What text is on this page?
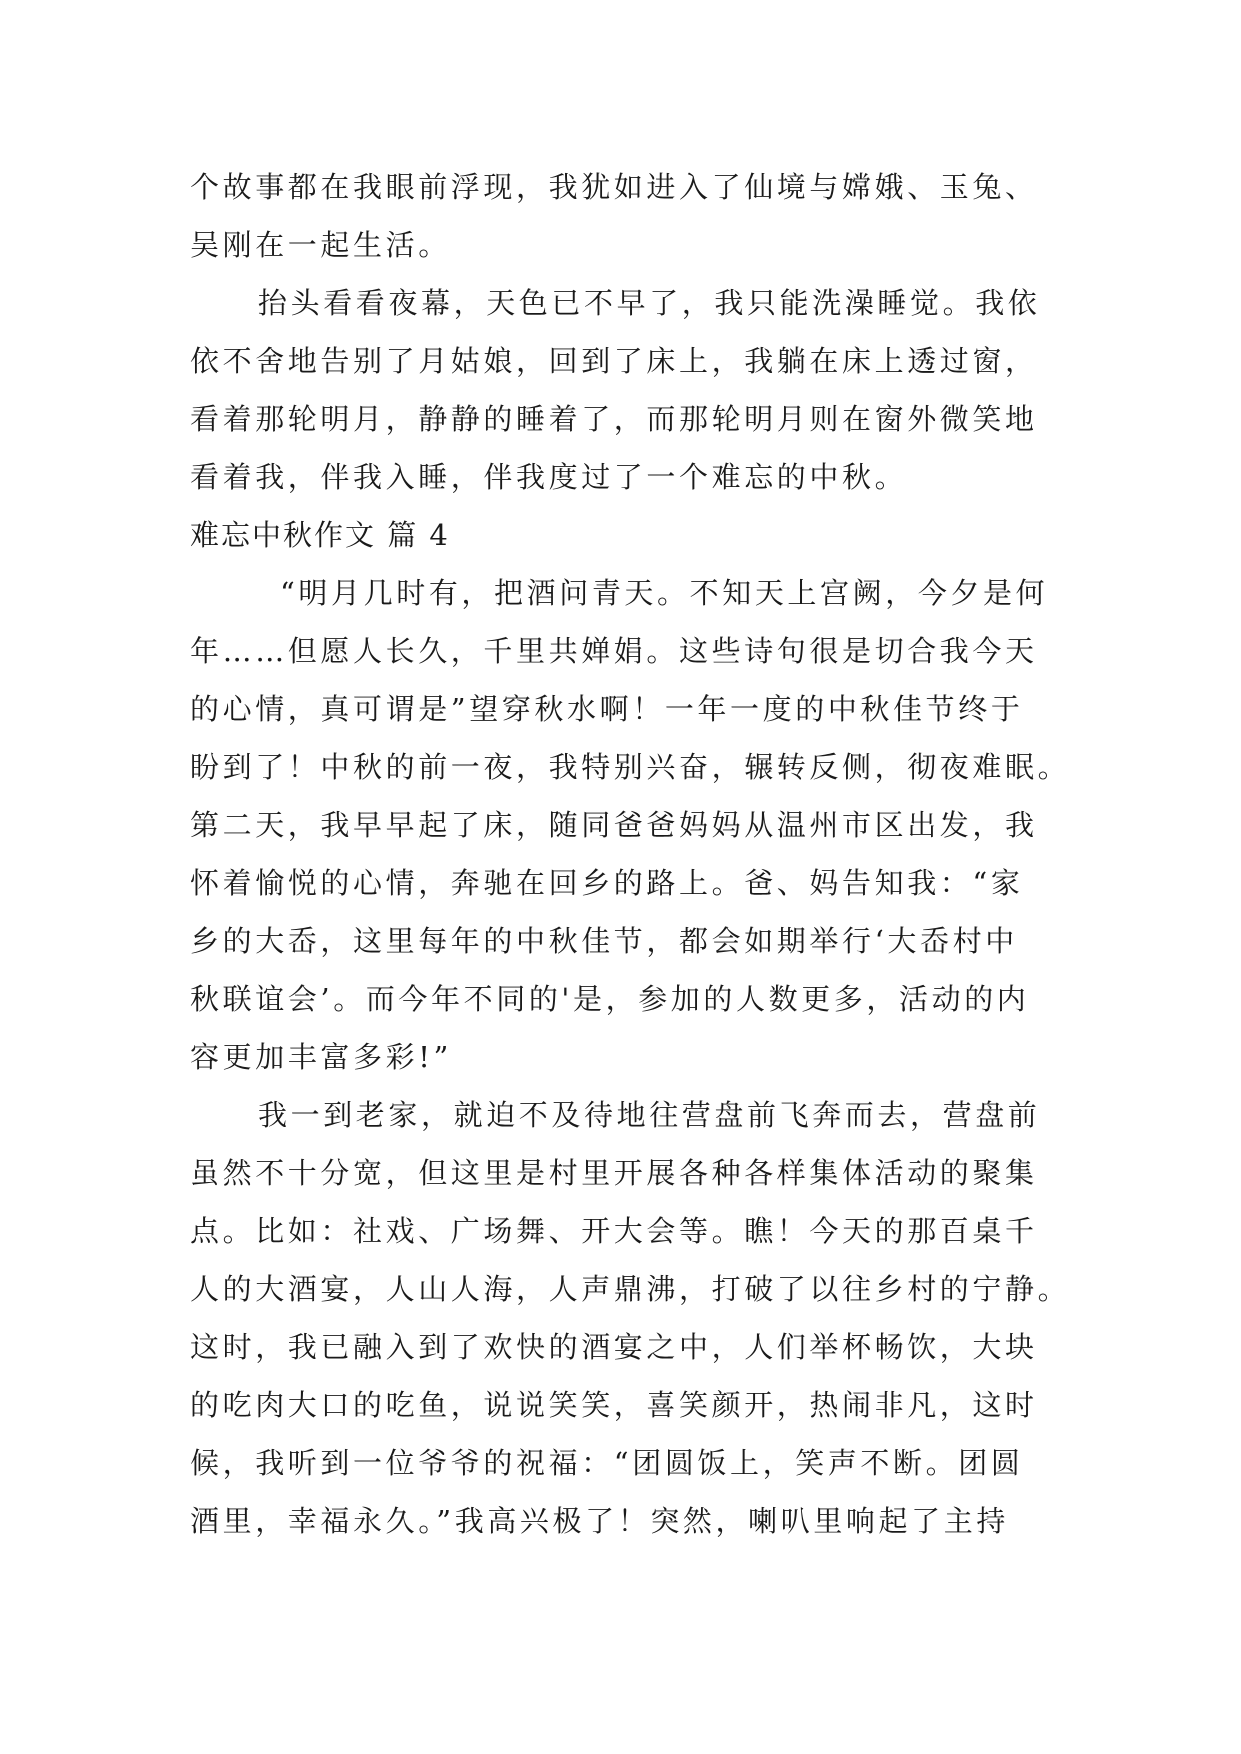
个故事都在我眼前浮现，我犹如进入了仙境与嫦娥、玉兔、
吴刚在一起生活。
抬头看看夜幕，天色已不早了，我只能洗澡睡觉。我依
依不舍地告别了月姑娘，回到了床上，我躺在床上透过窗，
看着那轮明月，静静的睡着了，而那轮明月则在窗外微笑地
看着我，伴我入睡，伴我度过了一个难忘的中秋。
难忘中秋作文 篇 4
“明月几时有，把酒问青天。不知天上宫阙，今夕是何
年……但愿人长久，千里共婵娟。这些诗句很是切合我今天
的心情，真可谓是”望穿秋水啊！一年一度的中秋佳节终于
盼到了！中秋的前一夜，我特别兴奋，辗转反侧，彻夜难眠。
第二天，我早早起了床，随同爸爸妈妈从温州市区出发，我
怀着愉悦的心情，奔驰在回乡的路上。爸、妈告知我：“家
乡的大岙，这里每年的中秋佳节，都会如期举行‘大岙村中
秋联谊会’。而今年不同的'是，参加的人数更多，活动的内
容更加丰富多彩!”
我一到老家，就迫不及待地往营盘前飞奔而去，营盘前
虽然不十分宽，但这里是村里开展各种各样集体活动的聚集
点。比如：社戏、广场舞、开大会等。瞧！今天的那百桌千
人的大酒宴，人山人海，人声鼎沸，打破了以往乡村的宁静。
这时，我已融入到了欢快的酒宴之中，人们举杯畅饮，大块
的吃肉大口的吃鱼，说说笑笑，喜笑颜开，热闹非凡，这时
候，我听到一位爷爷的祝福：“团圆饭上，笑声不断。团圆
酒里，幸福永久。”我高兴极了！突然，喇叭里响起了主持
